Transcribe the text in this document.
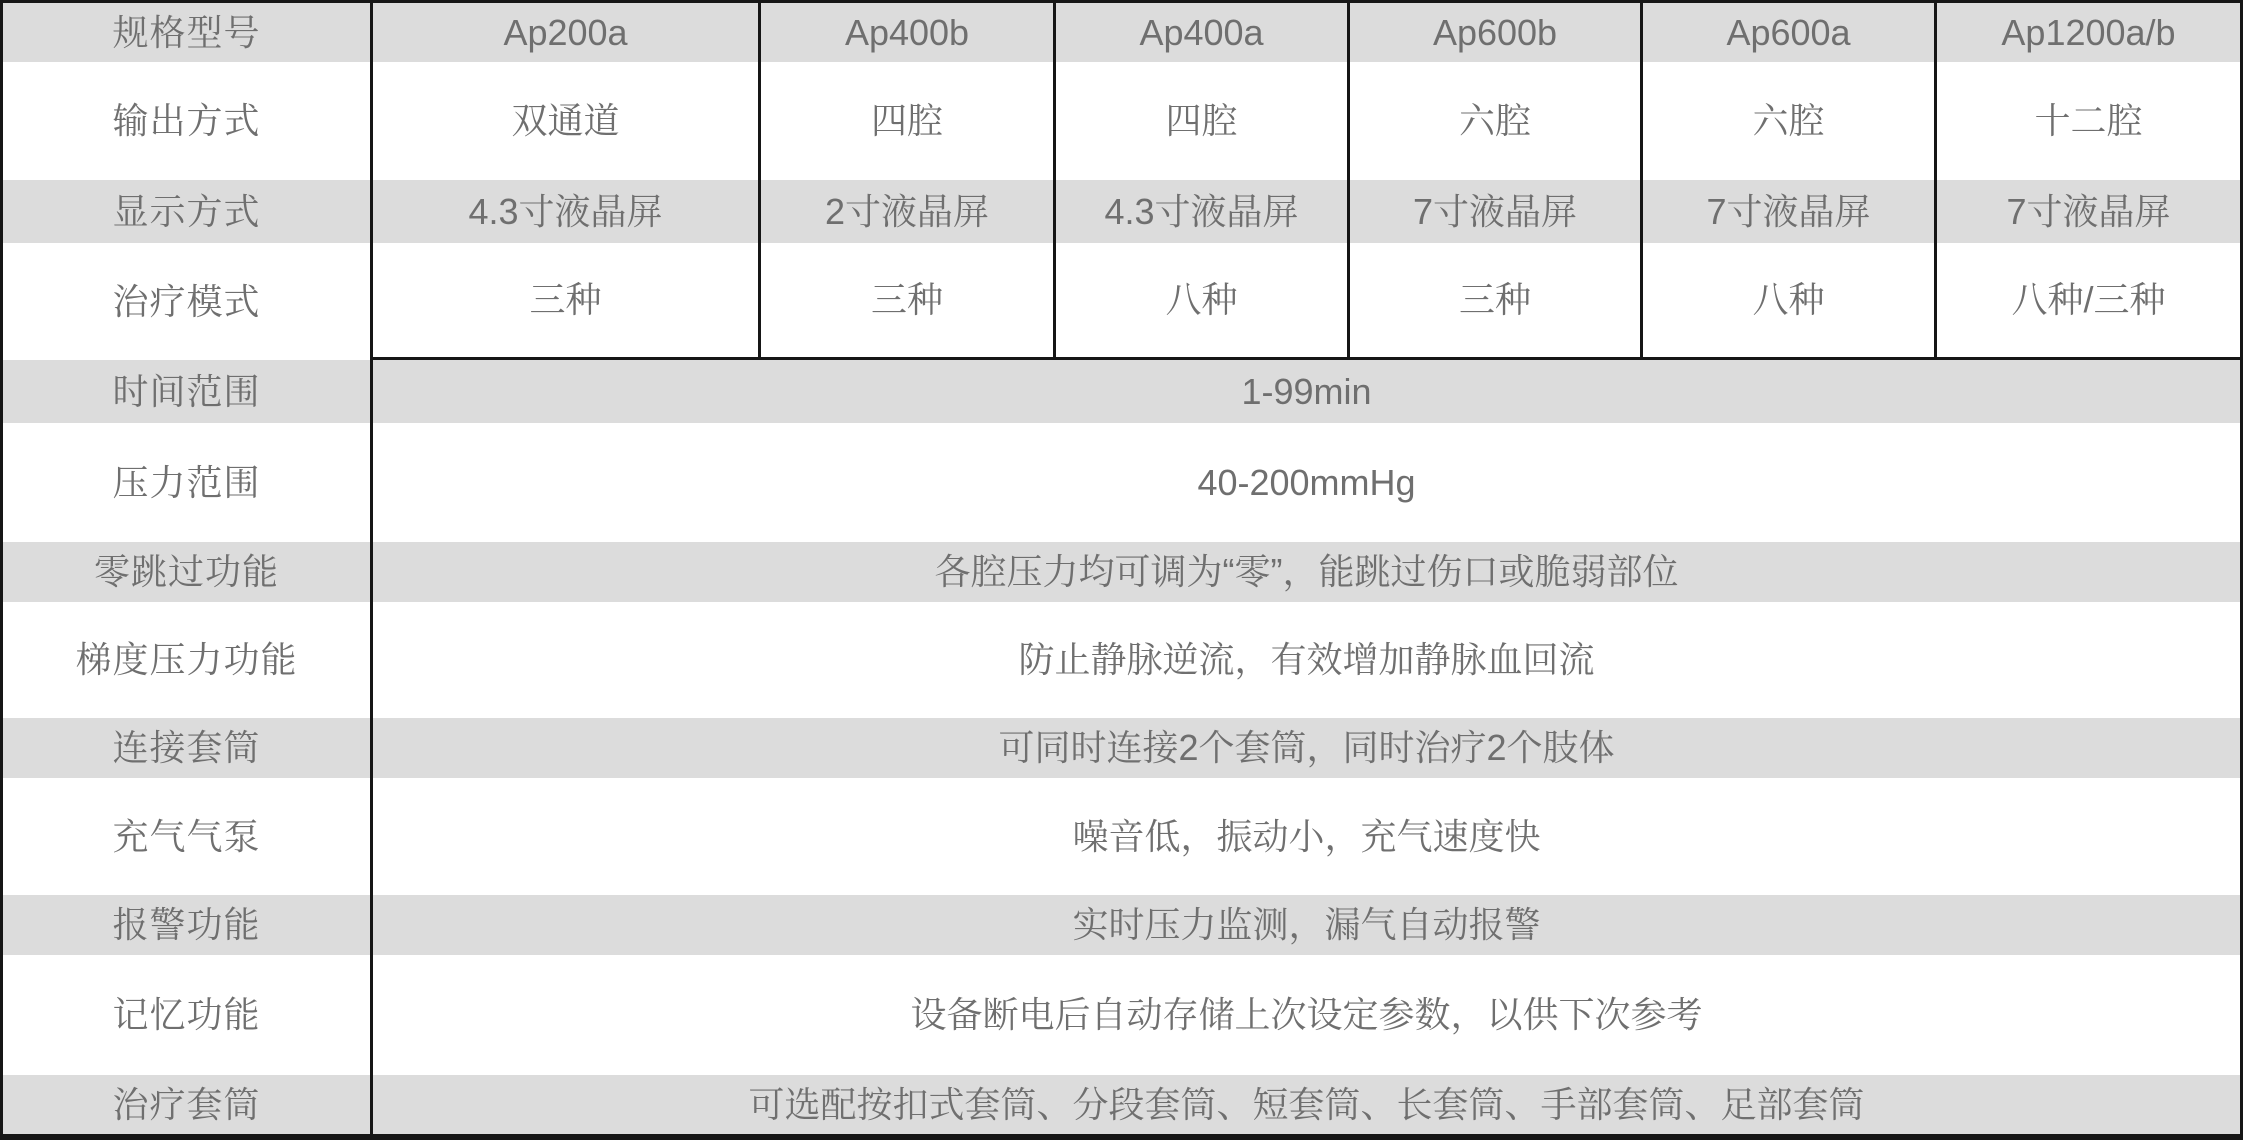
规格型号	Ap200a	Ap400b	Ap400a	Ap600b	Ap600a	Ap1200a/b
输出方式	双通道	四腔	四腔	六腔	六腔	十二腔
显示方式	4.3寸液晶屏	2寸液晶屏	4.3寸液晶屏	7寸液晶屏	7寸液晶屏	7寸液晶屏
治疗模式	三种	三种	八种	三种	八种	八种/三种
时间范围	1-99min
压力范围	40-200mmHg
零跳过功能	各腔压力均可调为“零”，能跳过伤口或脆弱部位
梯度压力功能	防止静脉逆流，有效增加静脉血回流
连接套筒	可同时连接2个套筒，同时治疗2个肢体
充气气泵	噪音低，振动小，充气速度快
报警功能	实时压力监测，漏气自动报警
记忆功能	设备断电后自动存储上次设定参数，以供下次参考
治疗套筒	可选配按扣式套筒、分段套筒、短套筒、长套筒、手部套筒、足部套筒
